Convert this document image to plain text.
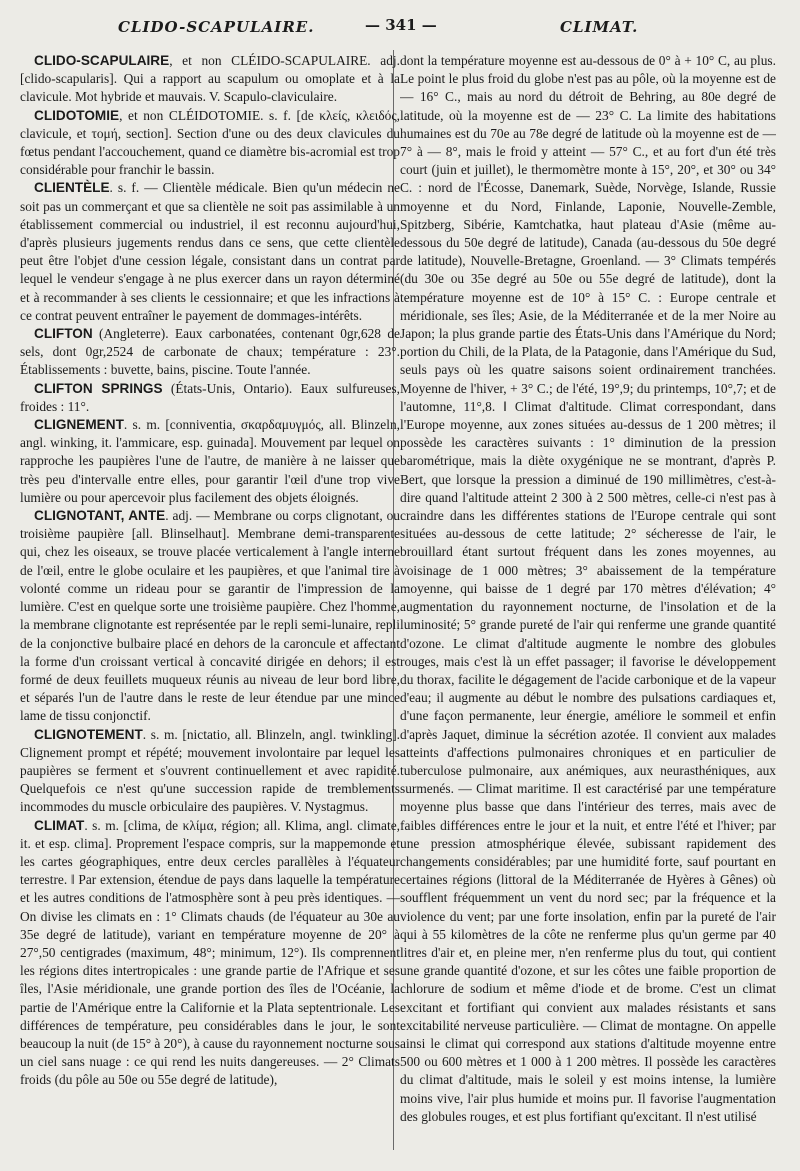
CLIDO-SCAPULAIRE.	— 341 —	CLIMAT.

CLIDO-SCAPULAIRE, et non CLÉIDO-SCAPULAIRE. adj. [clido-scapularis]. Qui a rapport au scapulum ou omoplate et à la clavicule. Mot hybride et mauvais. V. Scapulo-claviculaire.

CLIDOTOMIE, et non CLÉIDOTOMIE. s. f. [de κλείς, κλειδός, clavicule, et τομή, section]. Section d'une ou des deux clavicules du fœtus pendant l'accouchement, quand ce diamètre bis-acromial est trop considérable pour franchir le bassin.

CLIENTÈLE. s. f. — Clientèle médicale. Bien qu'un médecin ne soit pas un commerçant et que sa clientèle ne soit pas assimilable à un établissement commercial ou industriel, il est reconnu aujourd'hui, d'après plusieurs jugements rendus dans ce sens, que cette clientèle peut être l'objet d'une cession légale, consistant dans un contrat par lequel le vendeur s'engage à ne plus exercer dans un rayon déterminé et à recommander à ses clients le cessionnaire; et que les infractions à ce contrat peuvent entraîner le payement de dommages-intérêts.

CLIFTON (Angleterre). Eaux carbonatées, contenant 0gr,628 de sels, dont 0gr,2524 de carbonate de chaux; température : 23°. Établissements : buvette, bains, piscine. Toute l'année.

CLIFTON SPRINGS (États-Unis, Ontario). Eaux sulfureuses, froides : 11°.

CLIGNEMENT. s. m. [conniventia, σκαρδαμυγμός, all. Blinzeln, angl. winking, it. l'ammicare, esp. guinada]. Mouvement par lequel on rapproche les paupières l'une de l'autre, de manière à ne laisser que très peu d'intervalle entre elles, pour garantir l'œil d'une trop vive lumière ou pour apercevoir plus facilement des objets éloignés.

CLIGNOTANT, ANTE. adj. — Membrane ou corps clignotant, ou troisième paupière [all. Blinselhaut]. Membrane demi-transparente qui, chez les oiseaux, se trouve placée verticalement à l'angle interne de l'œil, entre le globe oculaire et les paupières, et que l'animal tire à volonté comme un rideau pour se garantir de l'impression de la lumière. C'est en quelque sorte une troisième paupière. Chez l'homme, la membrane clignotante est représentée par le repli semi-lunaire, repli de la conjonctive bulbaire placé en dehors de la caroncule et affectant la forme d'un croissant vertical à concavité dirigée en dehors; il est formé de deux feuillets muqueux réunis au niveau de leur bord libre, et séparés l'un de l'autre dans le reste de leur étendue par une mince lame de tissu conjonctif.

CLIGNOTEMENT. s. m. [nictatio, all. Blinzeln, angl. twinkling]. Clignement prompt et répété; mouvement involontaire par lequel les paupières se ferment et s'ouvrent continuellement et avec rapidité. Quelquefois ce n'est qu'une succession rapide de tremblements incommodes du muscle orbiculaire des paupières. V. Nystagmus.

CLIMAT. s. m. [clima, de κλίμα, région; all. Klima, angl. climate, it. et esp. clima]. Proprement l'espace compris, sur la mappemonde et les cartes géographiques, entre deux cercles parallèles à l'équateur terrestre. ‖ Par extension, étendue de pays dans laquelle la température et les autres conditions de l'atmosphère sont à peu près identiques. — On divise les climats en : 1° Climats chauds (de l'équateur au 30e au 35e degré de latitude), variant en température moyenne de 20° à 27°,50 centigrades (maximum, 48°; minimum, 12°). Ils comprennent les régions dites intertropicales : une grande partie de l'Afrique et ses îles, l'Asie méridionale, une grande portion des îles de l'Océanie, la partie de l'Amérique entre la Californie et la Plata septentrionale. Les différences de température, peu considérables dans le jour, le sont beaucoup la nuit (de 15° à 20°), à cause du rayonnement nocturne sous un ciel sans nuage : ce qui rend les nuits dangereuses. — 2° Climats froids (du pôle au 50e ou 55e degré de latitude),

dont la température moyenne est au-dessous de 0° à + 10° C, au plus. Le point le plus froid du globe n'est pas au pôle, où la moyenne est de — 16° C., mais au nord du détroit de Behring, au 80e degré de latitude, où la moyenne est de — 23° C. La limite des habitations humaines est du 70e au 78e degré de latitude où la moyenne est de — 7° à — 8°, mais le froid y atteint — 57° C., et au fort d'un été très court (juin et juillet), le thermomètre monte à 15°, 20°, et 30° ou 34° C. : nord de l'Écosse, Danemark, Suède, Norvège, Islande, Russie moyenne et du Nord, Finlande, Laponie, Nouvelle-Zemble, Spitzberg, Sibérie, Kamtchatka, haut plateau d'Asie (même au-dessous du 50e degré de latitude), Canada (au-dessous du 50e degré de latitude), Nouvelle-Bretagne, Groenland. — 3° Climats tempérés (du 30e ou 35e degré au 50e ou 55e degré de latitude), dont la température moyenne est de 10° à 15° C. : Europe centrale et méridionale, ses îles; Asie, de la Méditerranée et de la mer Noire au Japon; la plus grande partie des États-Unis dans l'Amérique du Nord; portion du Chili, de la Plata, de la Patagonie, dans l'Amérique du Sud, seuls pays où les quatre saisons soient ordinairement tranchées. Moyenne de l'hiver, + 3° C.; de l'été, 19°,9; du printemps, 10°,7; et de l'automne, 11°,8. ‖ Climat d'altitude. Climat correspondant, dans l'Europe moyenne, aux zones situées au-dessus de 1 200 mètres; il possède les caractères suivants : 1° diminution de la pression barométrique, mais la diète oxygénique ne se montrant, d'après P. Bert, que lorsque la pression a diminué de 190 millimètres, c'est-à-dire quand l'altitude atteint 2 300 à 2 500 mètres, celle-ci n'est pas à craindre dans les différentes stations de l'Europe centrale qui sont situées au-dessous de cette latitude; 2° sécheresse de l'air, le brouillard étant surtout fréquent dans les zones moyennes, au voisinage de 1 000 mètres; 3° abaissement de la température moyenne, qui baisse de 1 degré par 170 mètres d'élévation; 4° augmentation du rayonnement nocturne, de l'insolation et de la luminosité; 5° grande pureté de l'air qui renferme une grande quantité d'ozone. Le climat d'altitude augmente le nombre des globules rouges, mais c'est là un effet passager; il favorise le développement du thorax, facilite le dégagement de l'acide carbonique et de la vapeur d'eau; il augmente au début le nombre des pulsations cardiaques et, d'une façon permanente, leur énergie, améliore le sommeil et enfin d'après Jaquet, diminue la sécrétion azotée. Il convient aux malades atteints d'affections pulmonaires chroniques et en particulier de tuberculose pulmonaire, aux anémiques, aux neurasthéniques, aux surmenés. — Climat maritime. Il est caractérisé par une température moyenne plus basse que dans l'intérieur des terres, mais avec de faibles différences entre le jour et la nuit, et entre l'été et l'hiver; par une pression atmosphérique élevée, subissant rapidement des changements considérables; par une humidité forte, sauf pourtant en certaines régions (littoral de la Méditerranée de Hyères à Gênes) où soufflent fréquemment un vent du nord sec; par la fréquence et la violence du vent; par une forte insolation, enfin par la pureté de l'air qui à 55 kilomètres de la côte ne renferme plus qu'un germe par 40 litres d'air et, en pleine mer, n'en renferme plus du tout, qui contient une grande quantité d'ozone, et sur les côtes une faible proportion de chlorure de sodium et même d'iode et de brome. C'est un climat excitant et fortifiant qui convient aux malades résistants et sans excitabilité nerveuse particulière. — Climat de montagne. On appelle ainsi le climat qui correspond aux stations d'altitude moyenne entre 500 ou 600 mètres et 1 000 à 1 200 mètres. Il possède les caractères du climat d'altitude, mais le soleil y est moins intense, la lumière moins vive, l'air plus humide et moins pur. Il favorise l'augmentation des globules rouges, et est plus fortifiant qu'excitant. Il n'est utilisé
